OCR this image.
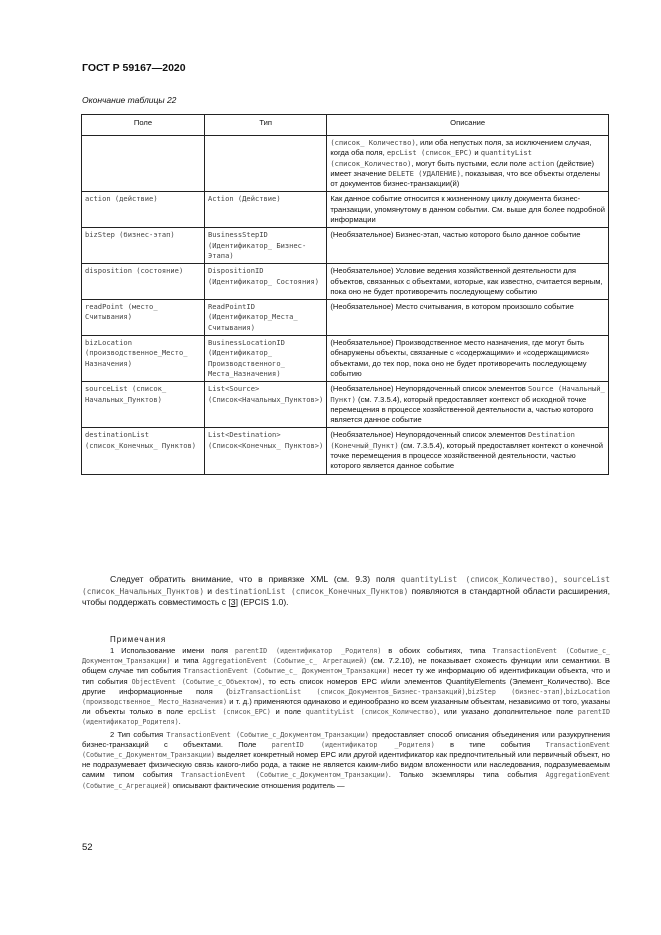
ГОСТ Р 59167—2020
Окончание таблицы 22
Поле	Тип	Описание
		(список_ Количество), или оба непустых поля, за исключением случая, когда оба поля, epcList (список_EPC) и quantityList (список_Количество), могут быть пустыми, если поле action (действие) имеет значение DELETE (УДАЛЕНИЕ), показывая, что все объекты отделены от документов бизнес-транзакции(й)
action (действие)	Action (Действие)	Как данное событие относится к жизненному циклу документа бизнес-транзакции, упомянутому в данном событии. См. выше для более подробной информации
bizStep (бизнес-этап)	BusinessStepID (Идентификатор_ Бизнес-Этапа)	(Необязательное) Бизнес-этап, частью которого было данное событие
disposition (состояние)	DispositionID (Идентификатор_ Состояния)	(Необязательное) Условие ведения хозяйственной деятельности для объектов, связанных с объектами, которые, как известно, считается верным, пока оно не будет противоречить последующему событию
readPoint (место_ Считывания)	ReadPointID (Идентификатор_Места_ Считывания)	(Необязательное) Место считывания, в котором произошло событие
bizLocation (производственное_Место_ Назначения)	BusinessLocationID (Идентификатор_ Производственного_ Места_Назначения)	(Необязательное) Производственное место назначения, где могут быть обнаружены объекты, связанные с «содержащими» и «содержащимися» объектами, до тех пор, пока оно не будет противоречить последующему событию
sourceList (список_ Начальных_Пунктов)	List<Source> (Список<Начальных_Пунктов>)	(Необязательное) Неупорядоченный список элементов Source (Начальный_ Пункт) (см. 7.3.5.4), который предоставляет контекст об исходной точке перемещения в процессе хозяйственной деятельности а, частью которого является данное событие
destinationList (список_Конечных_ Пунктов)	List<Destination> (Список<Конечных_ Пунктов>)	(Необязательное) Неупорядоченный список элементов Destination (Конечный_Пункт) (см. 7.3.5.4), который предоставляет контекст о конечной точке перемещения в процессе хозяйственной деятельности, частью которого является данное событие

Следует обратить внимание, что в привязке XML (см. 9.3) поля quantityList (список_Количество), sourceList (список_Начальных_Пунктов) и destinationList (список_Конечных_Пунктов) появляются в стандартной области расширения, чтобы поддержать совместимость с [3] (EPCIS 1.0).

Примечания

1 Использование имени поля parentID (идентификатор _Родителя) в обоих событиях, типа TransactionEvent (Событие_с_ Документом_Транзакции) и типа AggregationEvent (Событие_с_ Агрегацией) (см. 7.2.10), не показывает схожесть функции или семантики. В общем случае тип события TransactionEvent (Событие_с_ Документом_Транзакции) несет ту же информацию об идентификации объекта, что и тип события ObjectEvent (Событие_с_Объектом), то есть список номеров EPC и/или элементов QuantityElements (Элемент_Количество). Все другие информационные поля (bizTransactionList (список_Документов_Бизнес-транзакций),bizStep (бизнес-этап),bizLocation (производственное_ Место_Назначения) и т. д.) применяются одинаково и единообразно ко всем указанным объектам, независимо от того, указаны ли объекты только в поле epcList (список_EPC) и поле quantityList (список_Количество), или указано дополнительное поле parentID (идентификатор_Родителя).

2 Тип события TransactionEvent (Событие_с_Документом_Транзакции) предоставляет способ описания объединения или разукрупнения бизнес-транзакций с объектами. Поле parentID (идентификатор _Родителя) в типе события TransactionEvent (Событие_с_Документом_Транзакции) выделяет конкретный номер EPC или другой идентификатор как предпочтительный или первичный объект, но не подразумевает физическую связь какого-либо рода, а также не является каким-либо видом вложенности или наследования, подразумеваемым самим типом события TransactionEvent (Событие_с_Документом_Транзакции). Только экземпляры типа события AggregationEvent (Событие_с_Агрегацией) описывают фактические отношения родитель —

52
